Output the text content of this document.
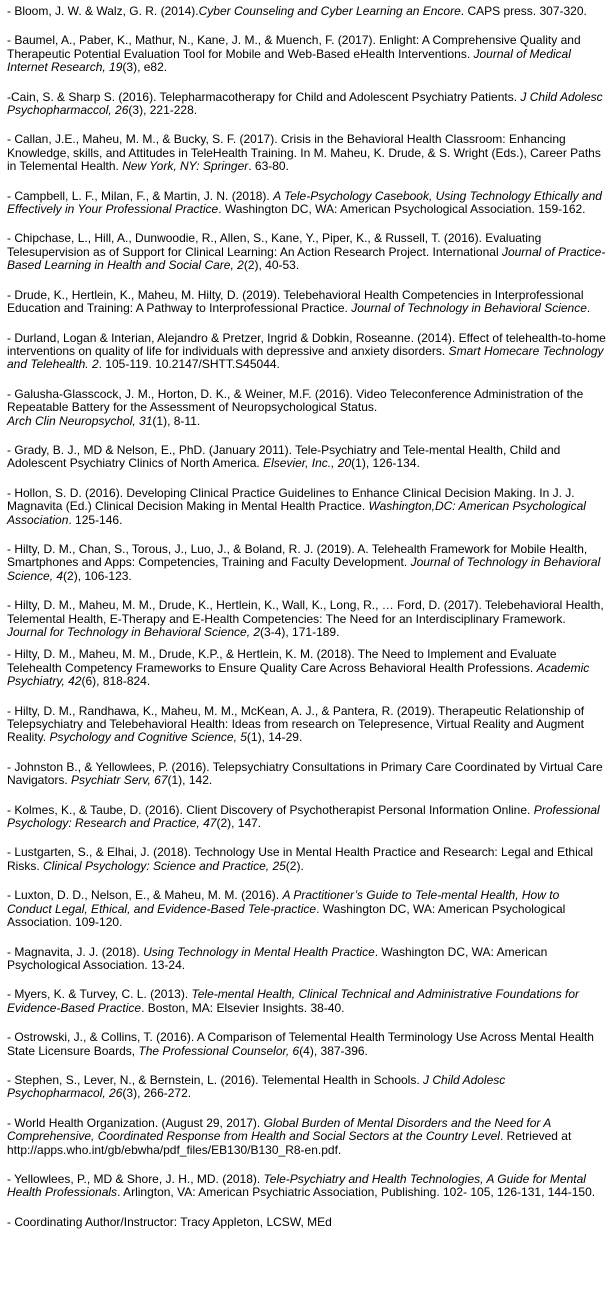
- Bloom, J. W. & Walz, G. R. (2014).Cyber Counseling and Cyber Learning an Encore. CAPS press. 307-320.

- Baumel, A., Paber, K., Mathur, N., Kane, J. M., & Muench, F. (2017). Enlight: A Comprehensive Quality and Therapeutic Potential Evaluation Tool for Mobile and Web-Based eHealth Interventions. Journal of Medical Internet Research, 19(3), e82.

-Cain, S. & Sharp S. (2016). Telepharmacotherapy for Child and Adolescent Psychiatry Patients. J Child Adolesc Psychopharmaccol, 26(3), 221-228.

- Callan, J.E., Maheu, M. M., & Bucky, S. F. (2017). Crisis in the Behavioral Health Classroom: Enhancing Knowledge, skills, and Attitudes in TeleHealth Training. In M. Maheu, K. Drude, & S. Wright (Eds.), Career Paths in Telemental Health. New York, NY: Springer. 63-80.

- Campbell, L. F., Milan, F., & Martin, J. N. (2018). A Tele-Psychology Casebook, Using Technology Ethically and Effectively in Your Professional Practice. Washington DC, WA: American Psychological Association. 159-162.

- Chipchase, L., Hill, A., Dunwoodie, R., Allen, S., Kane, Y., Piper, K., & Russell, T. (2016). Evaluating Telesupervision as of Support for Clinical Learning: An Action Research Project. International Journal of Practice-Based Learning in Health and Social Care, 2(2), 40-53.

- Drude, K., Hertlein, K., Maheu, M. Hilty, D. (2019). Telebehavioral Health Competencies in Interprofessional Education and Training: A Pathway to Interprofessional Practice. Journal of Technology in Behavioral Science.

- Durland, Logan & Interian, Alejandro & Pretzer, Ingrid & Dobkin, Roseanne. (2014). Effect of telehealth-to-home interventions on quality of life for individuals with depressive and anxiety disorders. Smart Homecare Technology and Telehealth. 2. 105-119. 10.2147/SHTT.S45044.

- Galusha-Glasscock, J. M., Horton, D. K., & Weiner, M.F. (2016). Video Teleconference Administration of the Repeatable Battery for the Assessment of Neuropsychological Status.
Arch Clin Neuropsychol, 31(1), 8-11.

- Grady, B. J., MD & Nelson, E., PhD. (January 2011). Tele-Psychiatry and Tele-mental Health, Child and Adolescent Psychiatry Clinics of North America. Elsevier, Inc., 20(1), 126-134.

- Hollon, S. D. (2016). Developing Clinical Practice Guidelines to Enhance Clinical Decision Making. In J. J. Magnavita (Ed.) Clinical Decision Making in Mental Health Practice. Washington,DC: American Psychological Association. 125-146.

- Hilty, D. M., Chan, S., Torous, J., Luo, J., & Boland, R. J. (2019). A. Telehealth Framework for Mobile Health, Smartphones and Apps: Competencies, Training and Faculty Development. Journal of Technology in Behavioral Science, 4(2), 106-123.

- Hilty, D. M., Maheu, M. M., Drude, K., Hertlein, K., Wall, K., Long, R., … Ford, D. (2017). Telebehavioral Health, Telemental Health, E-Therapy and E-Health Competencies: The Need for an Interdisciplinary Framework. Journal for Technology in Behavioral Science, 2(3-4), 171-189.

- Hilty, D. M., Maheu, M. M., Drude, K.P., & Hertlein, K. M. (2018). The Need to Implement and Evaluate Telehealth Competency Frameworks to Ensure Quality Care Across Behavioral Health Professions. Academic Psychiatry, 42(6), 818-824.

- Hilty, D. M., Randhawa, K., Maheu, M. M., McKean, A. J., & Pantera, R. (2019). Therapeutic Relationship of Telepsychiatry and Telebehavioral Health: Ideas from research on Telepresence, Virtual Reality and Augment Reality. Psychology and Cognitive Science, 5(1), 14-29.

- Johnston B., & Yellowlees, P. (2016). Telepsychiatry Consultations in Primary Care Coordinated by Virtual Care Navigators. Psychiatr Serv, 67(1), 142.

- Kolmes, K., & Taube, D. (2016). Client Discovery of Psychotherapist Personal Information Online. Professional Psychology: Research and Practice, 47(2), 147.

- Lustgarten, S., & Elhai, J. (2018). Technology Use in Mental Health Practice and Research: Legal and Ethical Risks. Clinical Psychology: Science and Practice, 25(2).

- Luxton, D. D., Nelson, E., & Maheu, M. M. (2016). A Practitioner’s Guide to Tele-mental Health, How to Conduct Legal, Ethical, and Evidence-Based Tele-practice. Washington DC, WA: American Psychological Association. 109-120.

- Magnavita, J. J. (2018). Using Technology in Mental Health Practice. Washington DC, WA: American Psychological Association. 13-24.

- Myers, K. & Turvey, C. L. (2013). Tele-mental Health, Clinical Technical and Administrative Foundations for Evidence-Based Practice. Boston, MA: Elsevier Insights. 38-40.

- Ostrowski, J., & Collins, T. (2016). A Comparison of Telemental Health Terminology Use Across Mental Health State Licensure Boards, The Professional Counselor, 6(4), 387-396.

- Stephen, S., Lever, N., & Bernstein, L. (2016). Telemental Health in Schools. J Child Adolesc Psychopharmacol, 26(3), 266-272.

- World Health Organization. (August 29, 2017). Global Burden of Mental Disorders and the Need for A Comprehensive, Coordinated Response from Health and Social Sectors at the Country Level. Retrieved at http://apps.who.int/gb/ebwha/pdf_files/EB130/B130_R8-en.pdf.

- Yellowlees, P., MD & Shore, J. H., MD. (2018). Tele-Psychiatry and Health Technologies, A Guide for Mental Health Professionals. Arlington, VA: American Psychiatric Association, Publishing. 102- 105, 126-131, 144-150.

- Coordinating Author/Instructor: Tracy Appleton, LCSW, MEd
